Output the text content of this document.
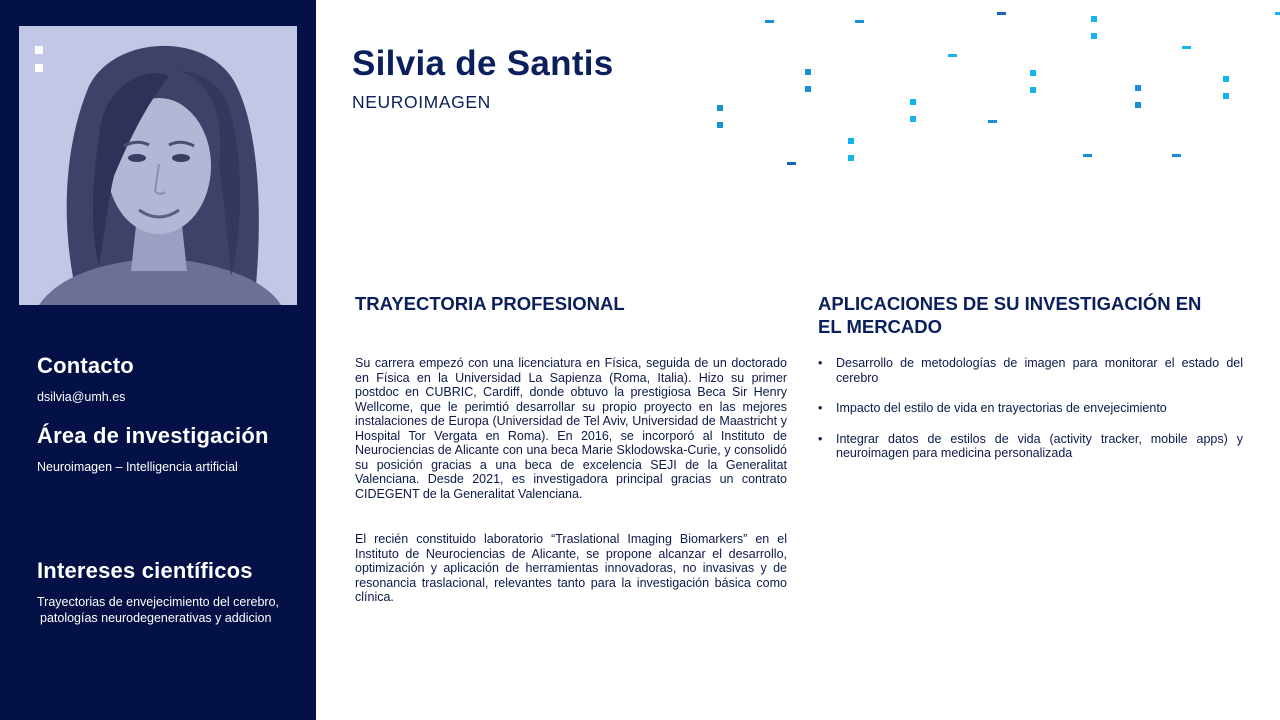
Contacto
dsilvia@umh.es
Área de investigación
Neuroimagen – Intelligencia artificial
Intereses científicos
Trayectorias de envejecimiento del cerebro,
patologías neurodegenerativas y addicion
Silvia de Santis
NEUROIMAGEN
TRAYECTORIA PROFESIONAL

Su carrera empezó con una licenciatura en Física, seguida de un doctorado en Física en la Universidad La Sapienza (Roma, Italia). Hizo su primer postdoc en CUBRIC, Cardiff, donde obtuvo la prestigiosa Beca Sir Henry Wellcome, que le perimtió desarrollar su propio proyecto en las mejores instalaciones de Europa (Universidad de Tel Aviv, Universidad de Maastricht y Hospital Tor Vergata en Roma). En 2016, se incorporó al Instituto de Neurociencias de Alicante con una beca Marie Sklodowska-Curie, y consolidó su posición gracias a una beca de excelencia SEJI de la Generalitat Valenciana. Desde 2021, es investigadora principal gracias un contrato CIDEGENT de la Generalitat Valenciana.

El recién constituido laboratorio “Traslational Imaging Biomarkers” en el Instituto de Neurociencias de Alicante, se propone alcanzar el desarrollo, optimización y aplicación de herramientas innovadoras, no invasivas y de resonancia traslacional, relevantes tanto para la investigación básica como clínica.

APLICACIONES DE SU INVESTIGACIÓN EN
EL MERCADO
• Desarrollo de metodologías de imagen para monitorar el estado del cerebro
• Impacto del estilo de vida en trayectorias de envejecimiento
• Integrar datos de estilos de vida (activity tracker, mobile apps) y neuroimagen para medicina personalizada
